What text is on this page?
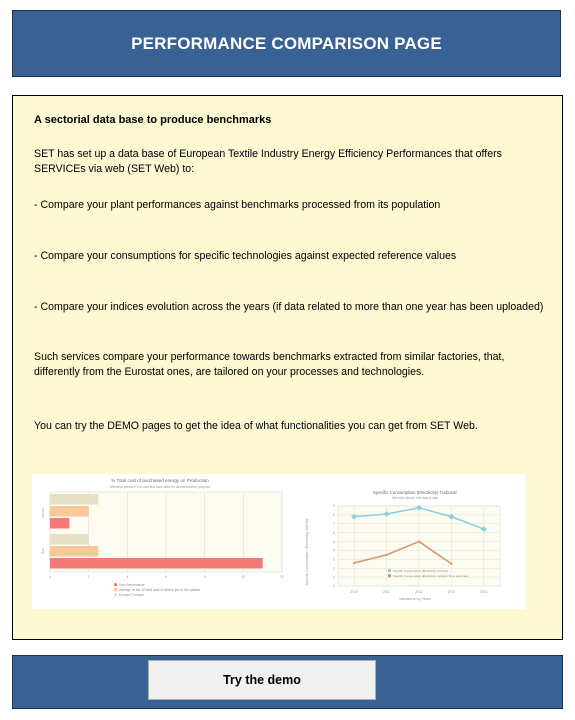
PERFORMANCE COMPARISON PAGE
A sectorial data base to produce benchmarks
SET has set up a data base of European Textile Industry Energy Efficiency Performances that offers SERVICEs via web (SET Web) to:
- Compare your plant performances against benchmarks processed from its population
- Compare your consumptions for specific technologies against expected reference values
- Compare your indices evolution across the years (if data related to more than one year has been uploaded)
Such services compare your performance towards benchmarks extracted from similar factories, that, differently from the Eurostat ones, are tailored on your processes and technologies.
You can try the DEMO pages to get the idea of what functionalities you can get from SET Web.
% Total cost of purchased energy on Production
Attention please!! You can find fake data for demonstrative purpose
0	2	4	6	8	10	12
Sector
Site
Your Performance
Average on the 10 best units of what is you in the dataset
Europe (*) known
Specific Consumption (Electricity) Turbocar
Attention please: this data is fake
Specific Consumption (Electricity) kWh/kg
Variations by Years
0
1
2
3
4
5
6
7
8
9
2010	2011	2012	2013	2014
Specific Consumption (Electricity) Turbocar
Specific Consumption (Electricity) variation % on past year
Try the demo
